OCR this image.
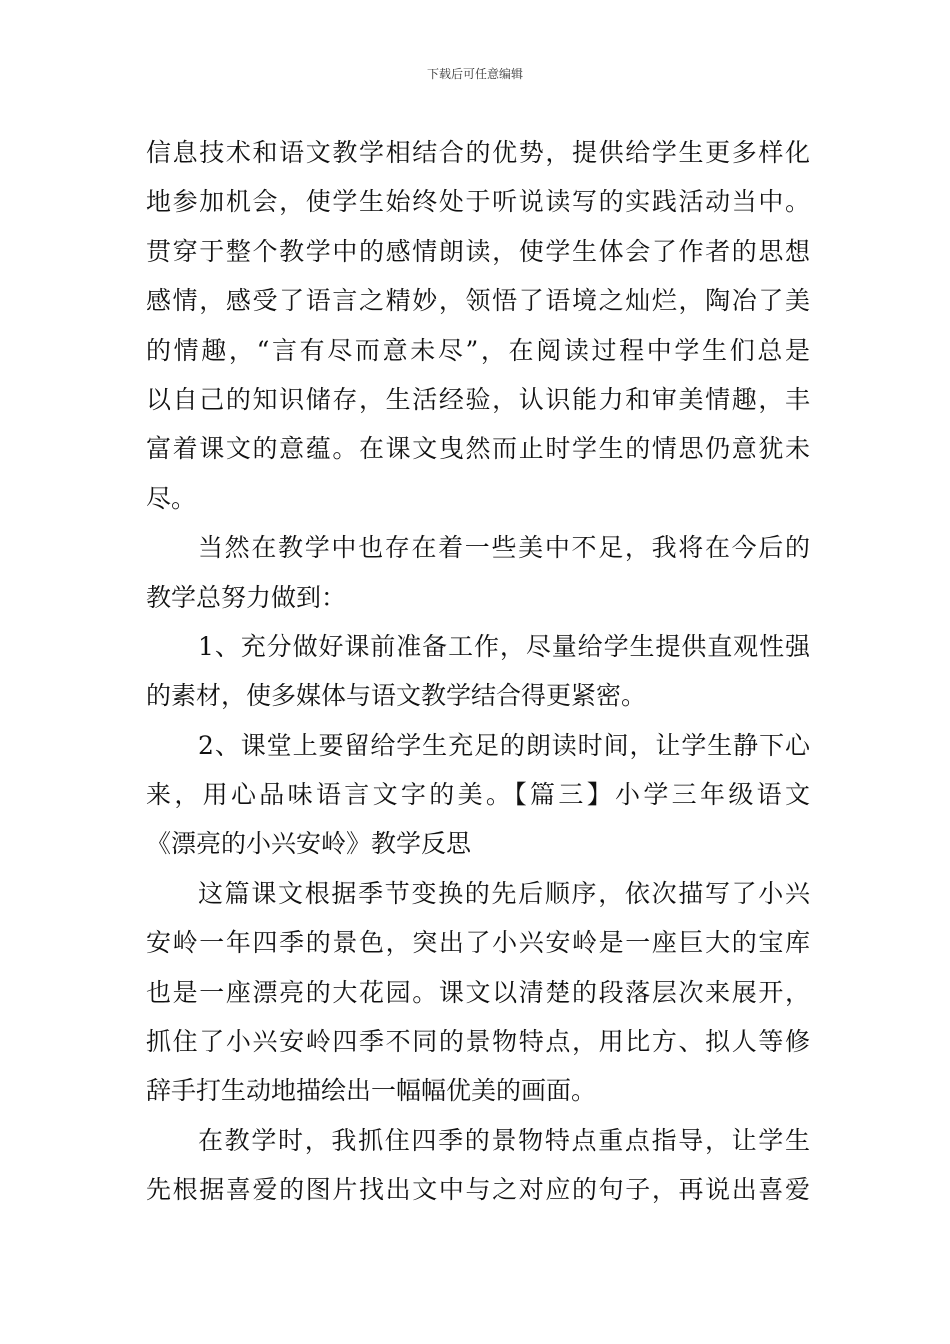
下载后可任意编辑
信息技术和语文教学相结合的优势，提供给学生更多样化
地参加机会，使学生始终处于听说读写的实践活动当中。
贯穿于整个教学中的感情朗读，使学生体会了作者的思想
感情，感受了语言之精妙，领悟了语境之灿烂，陶冶了美
的情趣，“言有尽而意未尽”，在阅读过程中学生们总是
以自己的知识储存，生活经验，认识能力和审美情趣，丰
富着课文的意蕴。在课文曳然而止时学生的情思仍意犹未
尽。
当然在教学中也存在着一些美中不足，我将在今后的
教学总努力做到：
1、充分做好课前准备工作，尽量给学生提供直观性强
的素材，使多媒体与语文教学结合得更紧密。
2、课堂上要留给学生充足的朗读时间，让学生静下心
来，用心品味语言文字的美。【篇三】小学三年级语文
《漂亮的小兴安岭》教学反思
这篇课文根据季节变换的先后顺序，依次描写了小兴
安岭一年四季的景色，突出了小兴安岭是一座巨大的宝库
也是一座漂亮的大花园。课文以清楚的段落层次来展开，
抓住了小兴安岭四季不同的景物特点，用比方、拟人等修
辞手打生动地描绘出一幅幅优美的画面。
在教学时，我抓住四季的景物特点重点指导，让学生
先根据喜爱的图片找出文中与之对应的句子，再说出喜爱
